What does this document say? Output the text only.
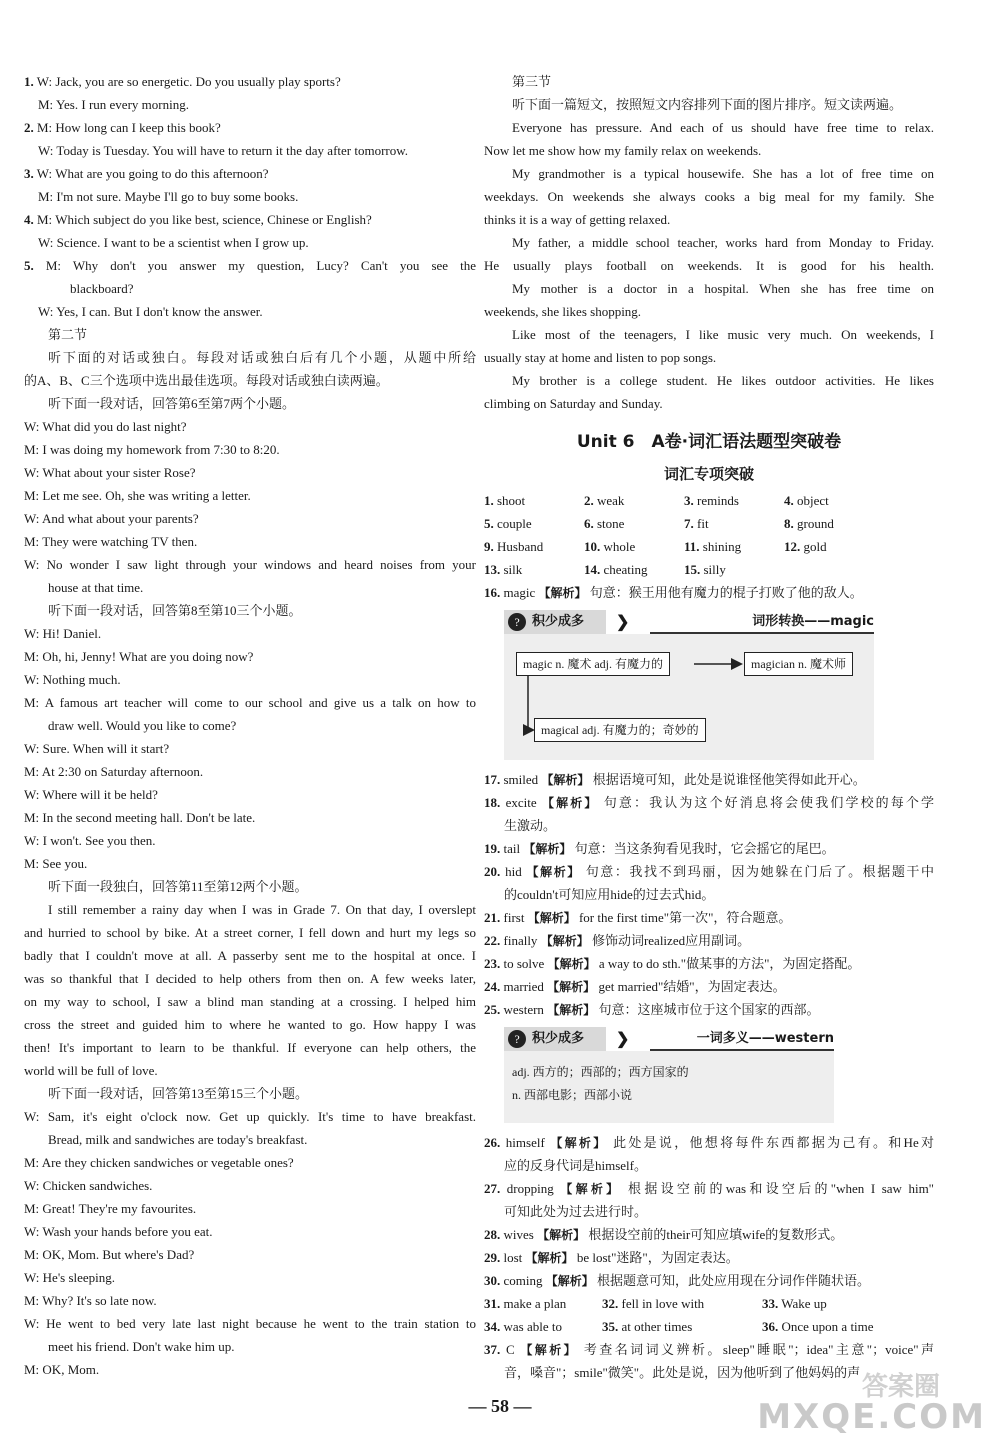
1. W: Jack, you are so energetic. Do you usually play sports?
M: Yes. I run every morning.
2. M: How long can I keep this book?
W: Today is Tuesday. You will have to return it the day after tomorrow.
3. W: What are you going to do this afternoon?
M: I'm not sure. Maybe I'll go to buy some books.
4. M: Which subject do you like best, science, Chinese or English?
W: Science. I want to be a scientist when I grow up.
5. M: Why don't you answer my question, Lucy? Can't you see the
blackboard?
W: Yes, I can. But I don't know the answer.
第二节
听下面的对话或独白。每段对话或独白后有几个小题，从题中所给
的A、B、C三个选项中选出最佳选项。每段对话或独白读两遍。
听下面一段对话，回答第6至第7两个小题。
W: What did you do last night?
M: I was doing my homework from 7:30 to 8:20.
W: What about your sister Rose?
M: Let me see. Oh, she was writing a letter.
W: And what about your parents?
M: They were watching TV then.
W: No wonder I saw light through your windows and heard noises from your
house at that time.
听下面一段对话，回答第8至第10三个小题。
W: Hi! Daniel.
M: Oh, hi, Jenny! What are you doing now?
W: Nothing much.
M: A famous art teacher will come to our school and give us a talk on how to
draw well. Would you like to come?
W: Sure. When will it start?
M: At 2:30 on Saturday afternoon.
W: Where will it be held?
M: In the second meeting hall. Don't be late.
W: I won't. See you then.
M: See you.
听下面一段独白，回答第11至第12两个小题。
I still remember a rainy day when I was in Grade 7. On that day, I overslept
and hurried to school by bike. At a street corner, I fell down and hurt my legs so
badly that I couldn't move at all. A passerby sent me to the hospital at once. I
was so thankful that I decided to help others from then on. A few weeks later,
on my way to school, I saw a blind man standing at a crossing. I helped him
cross the street and guided him to where he wanted to go. How happy I was
then! It's important to learn to be thankful. If everyone can help others, the
world will be full of love.
听下面一段对话，回答第13至第15三个小题。
W: Sam, it's eight o'clock now. Get up quickly. It's time to have breakfast.
Bread, milk and sandwiches are today's breakfast.
M: Are they chicken sandwiches or vegetable ones?
W: Chicken sandwiches.
M: Great! They're my favourites.
W: Wash your hands before you eat.
M: OK, Mom. But where's Dad?
W: He's sleeping.
M: Why? It's so late now.
W: He went to bed very late last night because he went to the train station to
meet his friend. Don't wake him up.
M: OK, Mom.
第三节
听下面一篇短文，按照短文内容排列下面的图片排序。短文读两遍。
Everyone has pressure. And each of us should have free time to relax.
Now let me show how my family relax on weekends.
My grandmother is a typical housewife. She has a lot of free time on
weekdays. On weekends she always cooks a big meal for my family. She
thinks it is a way of getting relaxed.
My father, a middle school teacher, works hard from Monday to Friday.
He usually plays football on weekends. It is good for his health.
My mother is a doctor in a hospital. When she has free time on
weekends, she likes shopping.
Like most of the teenagers, I like music very much. On weekends, I
usually stay at home and listen to pop songs.
My brother is a college student. He likes outdoor activities. He likes
climbing on Saturday and Sunday.
Unit 6　A卷·词汇语法题型突破卷
词汇专项突破
1. shoot	2. weak	3. reminds	4. object
5. couple	6. stone	7. fit	8. ground
9. Husband	10. whole	11. shining	12. gold
13. silk	14. cheating	15. silly
16. magic 【解析】 句意：猴王用他有魔力的棍子打败了他的敌人。
积少成多
?	❯	词形转换——magic
magic n. 魔术 adj. 有魔力的	magician n. 魔术师
magical adj. 有魔力的；奇妙的
17. smiled 【解析】 根据语境可知，此处是说谁怪他笑得如此开心。
18. excite 【解析】 句意：我认为这个好消息将会使我们学校的每个学
生激动。
19. tail 【解析】 句意：当这条狗看见我时，它会摇它的尾巴。
20. hid 【解析】 句意：我找不到玛丽，因为她躲在门后了。根据题干中
的couldn't可知应用hide的过去式hid。
21. first 【解析】 for the first time"第一次"，符合题意。
22. finally 【解析】 修饰动词realized应用副词。
23. to solve 【解析】 a way to do sth."做某事的方法"，为固定搭配。
24. married 【解析】 get married"结婚"，为固定表达。
25. western 【解析】 句意：这座城市位于这个国家的西部。
积少成多
?	❯	一词多义——western
adj. 西方的；西部的；西方国家的
n. 西部电影；西部小说
26. himself 【解析】 此处是说，他想将每件东西都据为己有。和He对
应的反身代词是himself。
27. dropping 【解析】 根据设空前的was和设空后的"when I saw him"
可知此处为过去进行时。
28. wives 【解析】 根据设空前的their可知应填wife的复数形式。
29. lost 【解析】 be lost"迷路"，为固定表达。
30. coming 【解析】 根据题意可知，此处应用现在分词作伴随状语。
31. make a plan	32. fell in love with	33. Wake up
34. was able to	35. at other times	36. Once upon a time
37. C 【解析】 考查名词词义辨析。sleep"睡眠"；idea"主意"；voice"声
音，嗓音"；smile"微笑"。此处是说，因为他听到了他妈妈的声
— 58 —
答案圈
MXQE.COM
